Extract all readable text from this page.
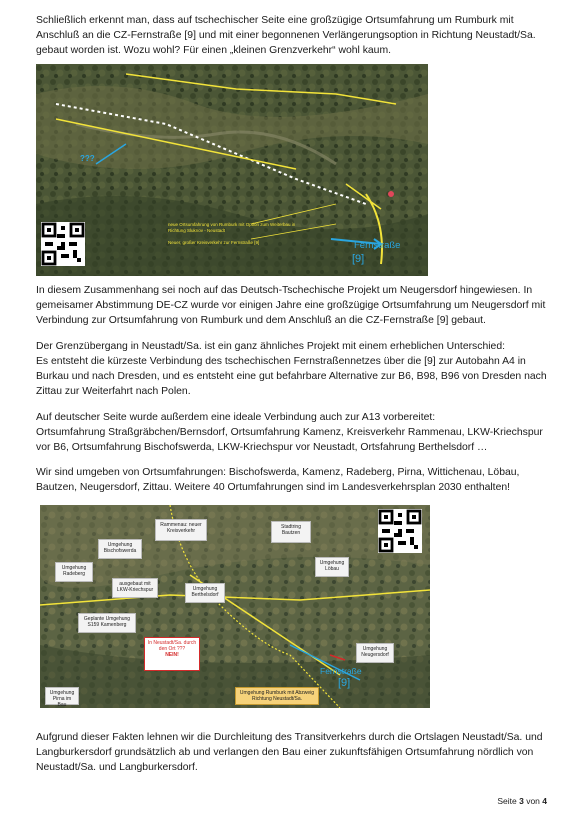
Schließlich erkennt man, dass auf tschechischer Seite eine großzügige Ortsumfahrung um Rumburk mit Anschluß an die CZ-Fernstraße [9] und mit einer begonnenen Verlängerungsoption in Richtung Neustadt/Sa. gebaut worden ist. Wozu wohl? Für einen „kleinen Grenzverkehr“ wohl kaum.

???
Fernstraße
[9]
neue Ortsumfahrung von Rumburk mit Option zum Weiterbau in Richtung Sluknov - Neustadt
Neuer, großer Kreisverkehr zur Fernstraße [9]

In diesem Zusammenhang sei noch auf das Deutsch-Tschechische Projekt um Neugersdorf hingewiesen. In gemeisamer Abstimmung DE-CZ wurde vor einigen Jahre eine großzügige Ortsumfahrung um Neugersdorf mit Verbindung zur Ortsumfahrung von Rumburk und dem Anschluß an die CZ-Fernstraße [9] gebaut.

Der Grenzübergang in Neustadt/Sa. ist ein ganz ähnliches Projekt mit einem erheblichen Unterschied:
Es entsteht die kürzeste Verbindung des tschechischen Fernstraßennetzes über die [9] zur Autobahn A4 in Burkau und nach Dresden, und es entsteht eine gut befahrbare Alternative zur B6, B98, B96 von Dresden nach Zittau zur Weiterfahrt nach Polen.

Auf deutscher Seite wurde außerdem eine ideale Verbindung auch zur A13 vorbereitet:
Ortsumfahrung Straßgräbchen/Bernsdorf, Ortsumfahrung Kamenz, Kreisverkehr Rammenau, LKW-Kriechspur vor B6, Ortsumfahrung Bischofswerda, LKW-Kriechspur vor Neustadt, Ortsfahrung Berthelsdorf …

Wir sind umgeben von Ortsumfahrungen: Bischofswerda, Kamenz, Radeberg, Pirna, Wittichenau, Löbau, Bautzen, Neugersdorf, Zittau. Weitere 40 Ortumfahrungen sind im Landesverkehrsplan 2030 enthalten!

Rammenau: neuer Kreisverkehr
Stadtring Bautzen
Umgehung Bischofswerda
Umgehung Radeberg
ausgebaut mit LKW-Kriechspur	Umgehung Berthelsdorf
Umgehung Löbau
Geplante Umgehung S159 Kamenberg
In Neustadt/Sa. durch den Ort ???
NEIN!
Umgehung Neugersdorf
Umgehung Pirna im Bau
Umgehung Rumburk mit Abzweig Richtung Neustadt/Sa.
Fernstraße
[9]

Aufgrund dieser Fakten lehnen wir die Durchleitung des Transitverkehrs durch die Ortslagen Neustadt/Sa. und Langburkersdorf grundsätzlich ab und verlangen den Bau einer zukunftsfähigen Ortsumfahrung nördlich von Neustadt/Sa. und Langburkersdorf.

Seite 3 von 4
